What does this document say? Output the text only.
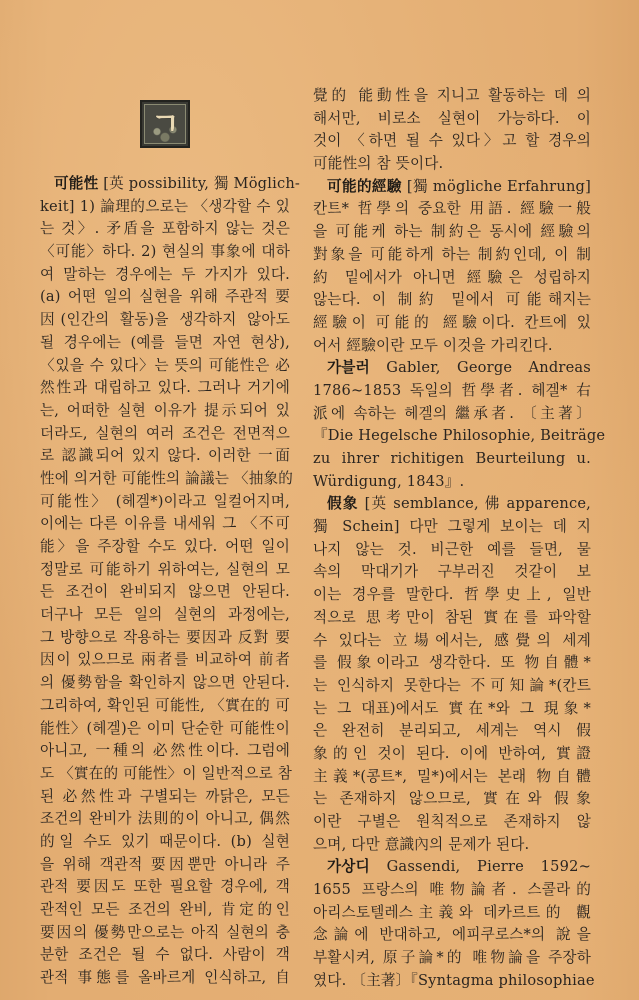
ㄱ
可能性 [英 possibility, 獨 Möglich-
keit] 1) 論理的으로는 〈생각할 수 있
는 것〉. 矛盾을 포함하지 않는 것은
〈可能〉하다. 2) 현실의 事象에 대하
여 말하는 경우에는 두 가지가 있다.
(a) 어떤 일의 실현을 위해 주관적 要
因(인간의 활동)을 생각하지 않아도
될 경우에는 (예를 들면 자연 현상),
〈있을 수 있다〉는 뜻의 可能性은 必
然性과 대립하고 있다. 그러나 거기에
는, 어떠한 실현 이유가 提示되어 있
더라도, 실현의 여러 조건은 전면적으
로 認識되어 있지 않다. 이러한 一面
性에 의거한 可能性의 論議는 〈抽象的
可能性〉 (헤겔*)이라고 일컬어지며,
이에는 다른 이유를 내세워 그 〈不可
能〉을 주장할 수도 있다. 어떤 일이
정말로 可能하기 위하여는, 실현의 모
든 조건이 완비되지 않으면 안된다.
더구나 모든 일의 실현의 과정에는,
그 방향으로 작용하는 要因과 反對 要
因이 있으므로 兩者를 비교하여 前者
의 優勢함을 확인하지 않으면 안된다.
그리하여, 확인된 可能性, 〈實在的 可
能性〉(헤겔)은 이미 단순한 可能性이
아니고, 一種의 必然性이다. 그럼에
도 〈實在的 可能性〉이 일반적으로 참
된 必然性과 구별되는 까닭은, 모든
조건의 완비가 法則的이 아니고, 偶然
的일 수도 있기 때문이다. (b) 실현
을 위해 객관적 要因뿐만 아니라 주
관적 要因도 또한 필요할 경우에, 객
관적인 모든 조건의 완비, 肯定的인
要因의 優勢만으로는 아직 실현의 충
분한 조건은 될 수 없다. 사람이 객
관적 事態를 올바르게 인식하고, 自
覺的 能動性을 지니고 활동하는 데 의
해서만, 비로소 실현이 가능하다. 이
것이 〈하면 될 수 있다〉고 할 경우의
可能性의 참 뜻이다.
可能的經驗 [獨 mögliche Erfahrung]
칸트* 哲學의 중요한 用語. 經驗一般
을 可能케 하는 制約은 동시에 經驗의
對象을 可能하게 하는 制約인데, 이 制
約 밑에서가 아니면 經驗은 성립하지
않는다. 이 制約 밑에서 可能해지는
經驗이 可能的 經驗이다. 칸트에 있
어서 經驗이란 모두 이것을 가리킨다.
가블러 Gabler, George Andreas
1786~1853 독일의 哲學者. 헤겔* 右
派에 속하는 헤겔의 繼承者. 〔主著〕
『Die Hegelsche Philosophie, Beiträge
zu ihrer richitigen Beurteilung u.
Würdigung, 1843』.
假象 [英 semblance, 佛 apparence,
獨 Schein] 다만 그렇게 보이는 데 지
나지 않는 것. 비근한 예를 들면, 물
속의 막대기가 구부러진 것같이 보
이는 경우를 말한다. 哲學史上, 일반
적으로 思考만이 참된 實在를 파악할
수 있다는 立場에서는, 感覺의 세계
를 假象이라고 생각한다. 또 物自體*
는 인식하지 못한다는 不可知論*(칸트
는 그 대표)에서도 實在*와 그 現象*
은 완전히 분리되고, 세계는 역시 假
象的인 것이 된다. 이에 반하여, 實證
主義*(콩트*, 밀*)에서는 본래 物自體
는 존재하지 않으므로, 實在와 假象
이란 구별은 원칙적으로 존재하지 않
으며, 다만 意識內의 문제가 된다.
가상디 Gassendi, Pierre 1592~
1655 프랑스의 唯物論者. 스콜라的
아리스토텔레스主義와 데카르트的 觀
念論에 반대하고, 에피쿠로스*의 說을
부활시켜, 原子論*的 唯物論을 주장하
였다. 〔主著〕『Syntagma philosophiae
